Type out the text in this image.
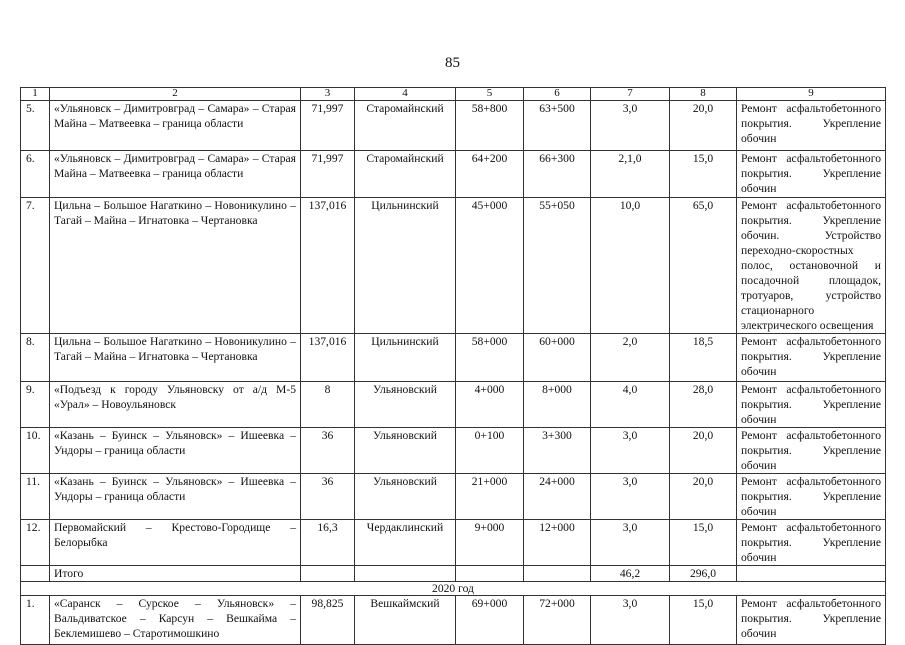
85
1	2	3	4	5	6	7	8	9
5.	«Ульяновск – Димитровград – Самара» – Старая Майна – Матвеевка – граница области	71,997	Старомайнский	58+800	63+500	3,0	20,0	Ремонт асфальтобетонного покрытия. Укрепление обочин
6.	«Ульяновск – Димитровград – Самара» – Старая Майна – Матвеевка – граница области	71,997	Старомайнский	64+200	66+300	2,1,0	15,0	Ремонт асфальтобетонного покрытия. Укрепление обочин
7.	Цильна – Большое Нагаткино – Новоникулино – Тагай – Майна – Игнатовка – Чертановка	137,016	Цильнинский	45+000	55+050	10,0	65,0	Ремонт асфальтобетонного покрытия. Укрепление обочин. Устройство переходно-скоростных полос, остановочной и посадочной площадок, тротуаров, устройство стационарного электрического освещения
8.	Цильна – Большое Нагаткино – Новоникулино – Тагай – Майна – Игнатовка – Чертановка	137,016	Цильнинский	58+000	60+000	2,0	18,5	Ремонт асфальтобетонного покрытия. Укрепление обочин
9.	«Подъезд к городу Ульяновску от а/д М-5 «Урал» – Новоульяновск	8	Ульяновский	4+000	8+000	4,0	28,0	Ремонт асфальтобетонного покрытия. Укрепление обочин
10.	«Казань – Буинск – Ульяновск» – Ишеевка – Ундоры – граница области	36	Ульяновский	0+100	3+300	3,0	20,0	Ремонт асфальтобетонного покрытия. Укрепление обочин
11.	«Казань – Буинск – Ульяновск» – Ишеевка – Ундоры – граница области	36	Ульяновский	21+000	24+000	3,0	20,0	Ремонт асфальтобетонного покрытия. Укрепление обочин
12.	Первомайский – Крестово-Городище – Белорыбка	16,3	Чердаклинский	9+000	12+000	3,0	15,0	Ремонт асфальтобетонного покрытия. Укрепление обочин
	Итого					46,2	296,0	
2020 год								
1.	«Саранск – Сурское – Ульяновск» – Вальдиватское – Карсун – Вешкайма – Беклемишево – Старотимошкино	98,825	Вешкаймский	69+000	72+000	3,0	15,0	Ремонт асфальтобетонного покрытия. Укрепление обочин
